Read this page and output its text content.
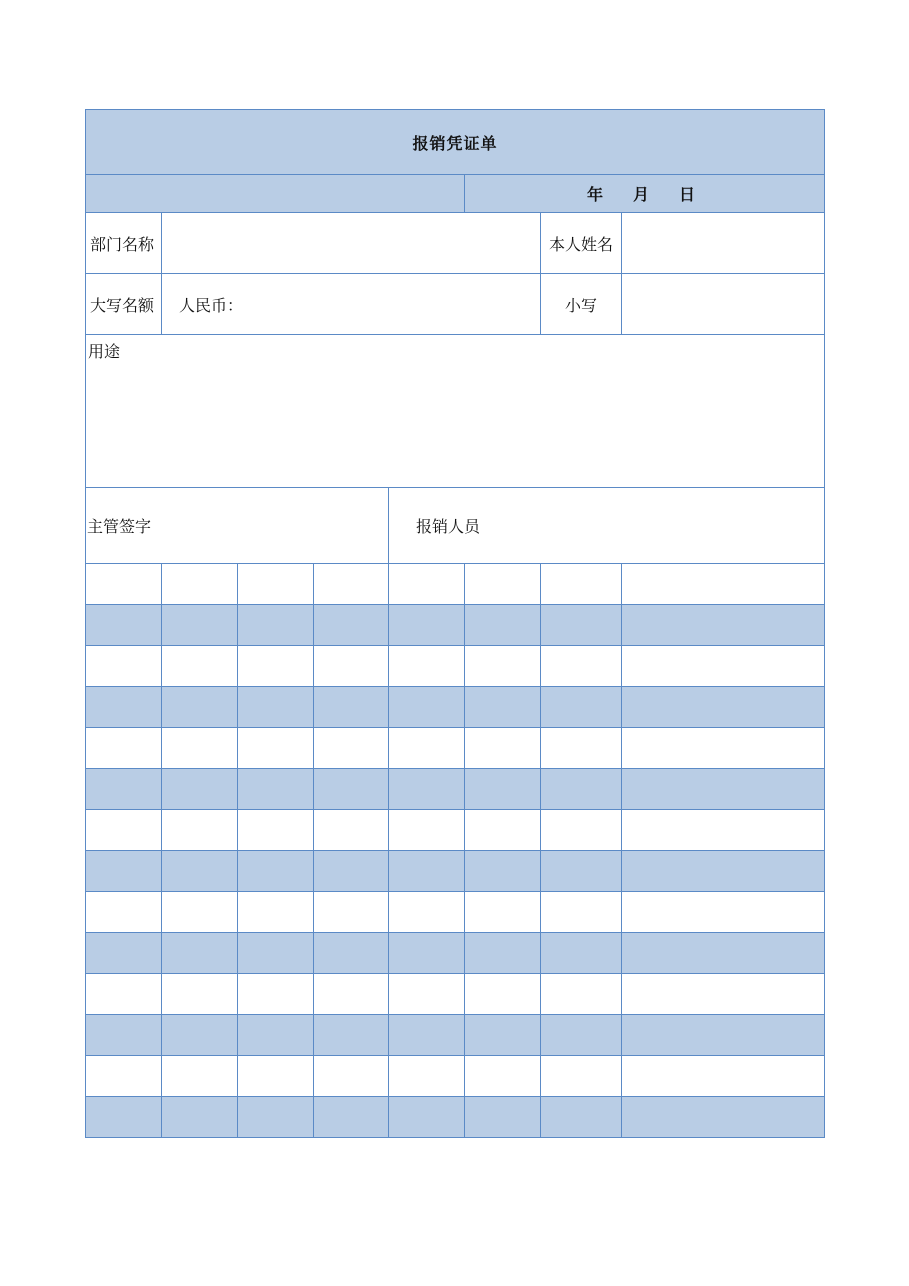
报销凭证单							
					年 月 日		
部门名称						本人姓名	
大写名额	人民币：					小写	
用途							
主管签字				报销人员			
